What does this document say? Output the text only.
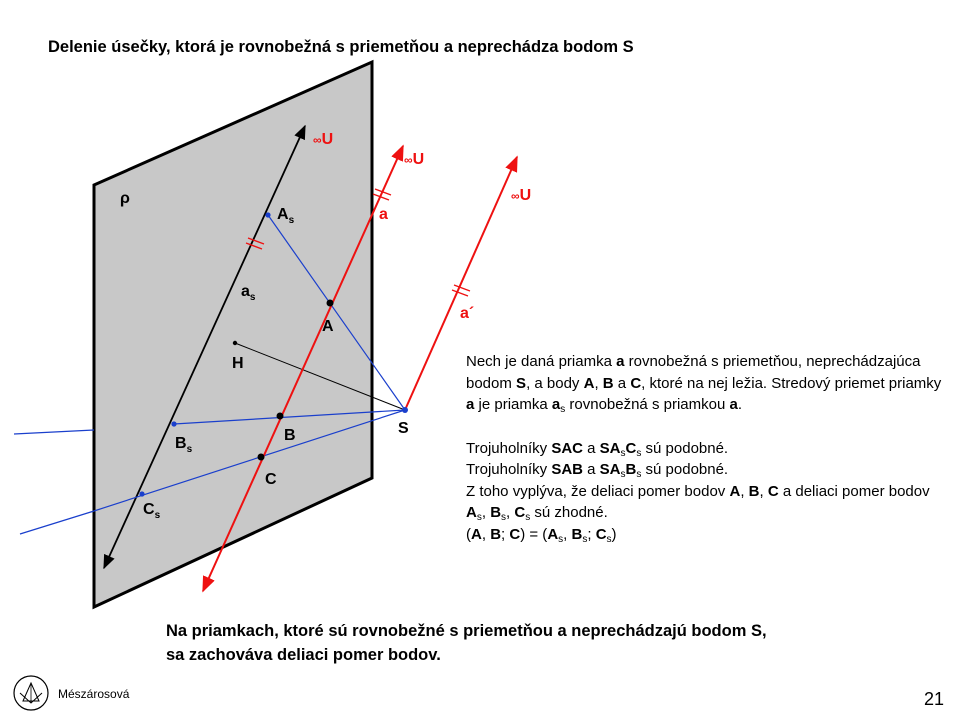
Delenie úsečky, ktorá je rovnobežná s priemetňou a neprechádza bodom S
ρ
∞U
∞U
∞U
a
a´
$A_s$
$a_s$
A
H
B
$B_s$
C
$C_s$
S

Nech je daná priamka a rovnobežná s priemetňou, neprechádzajúca bodom S, a body A, B a C, ktoré na nej ležia. Stredový priemet priamky a je priamka $a_s$ rovnobežná s priamkou a.

Trojuholníky SAC a $SA_sC_s$ sú podobné.

Trojuholníky SAB a $SA_sB_s$ sú podobné.

Z toho vyplýva, že deliaci pomer bodov A, B, C a deliaci pomer bodov $A_s$, $B_s$, $C_s$ sú zhodné.

(A, B; $C) = (A_s$, $B_s$; $C_s$)

Na priamkach, ktoré sú rovnobežné s priemetňou a neprechádzajú bodom S,
sa zachováva deliaci pomer bodov.
Mészárosová	21
